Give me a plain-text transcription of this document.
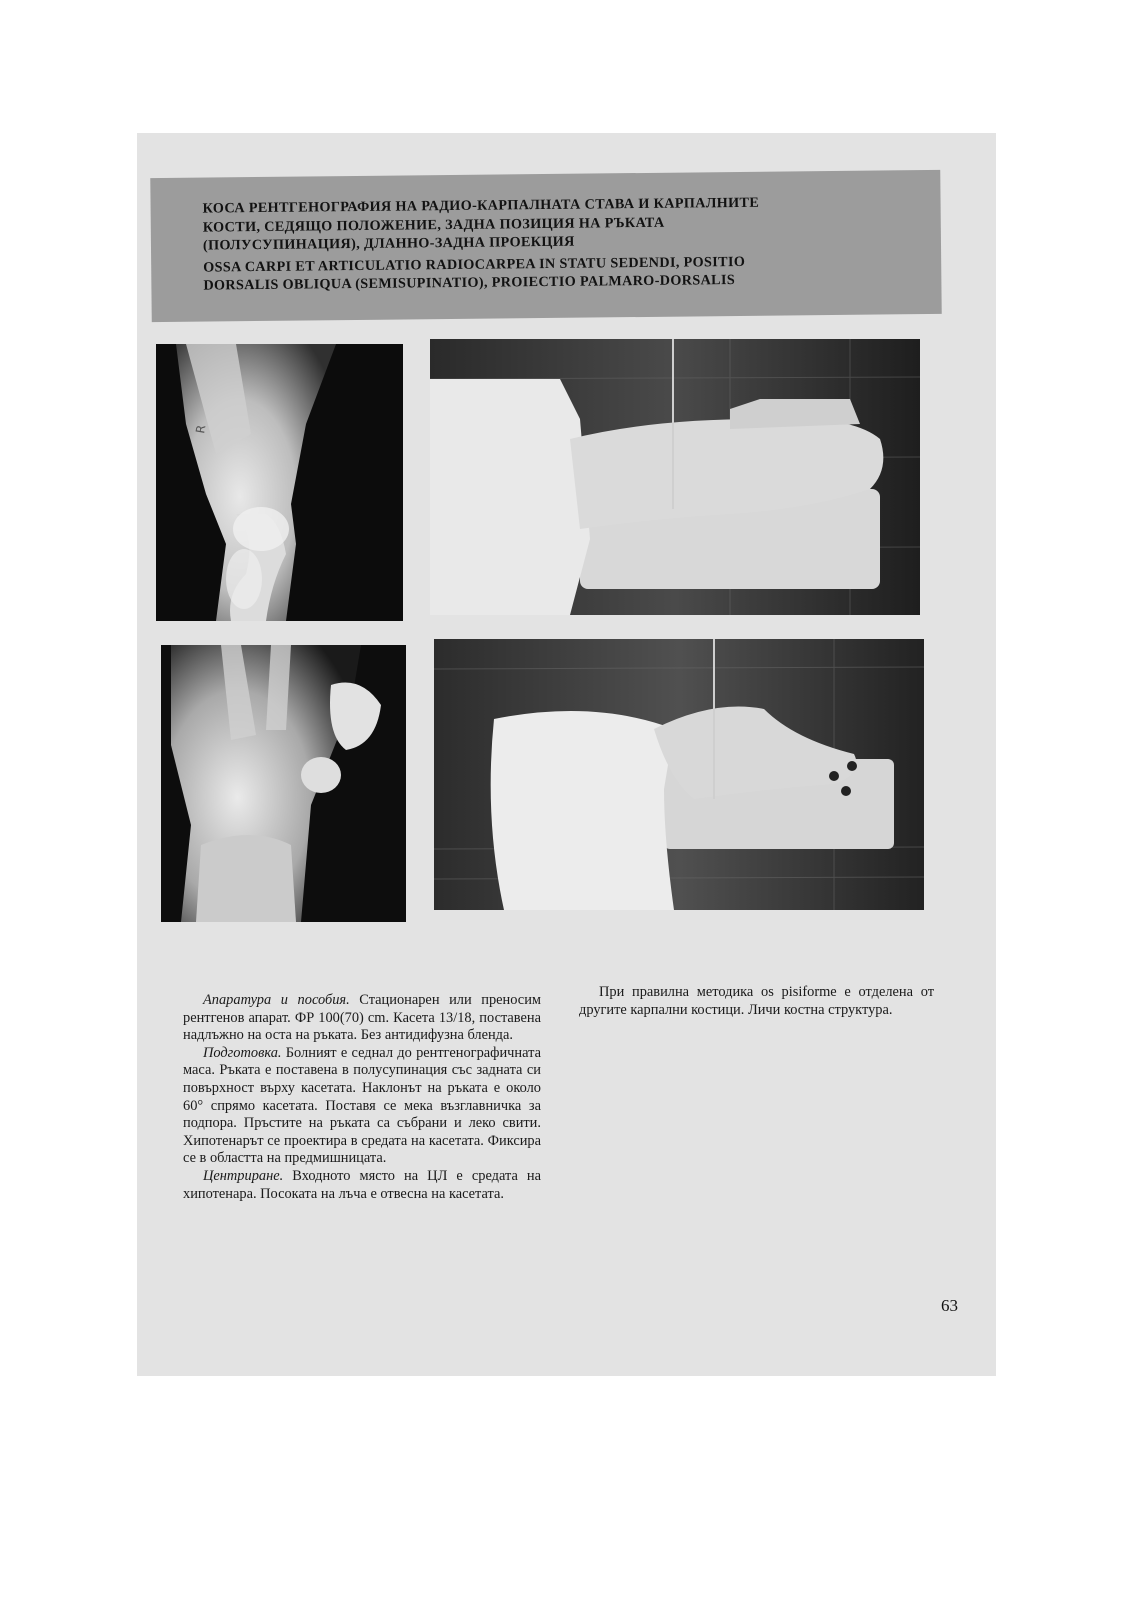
КОСА РЕНТГЕНОГРАФИЯ НА РАДИО-КАРПАЛНАТА СТАВА И КАРПАЛНИТЕ
КОСТИ, СЕДЯЩО ПОЛОЖЕНИЕ, ЗАДНА ПОЗИЦИЯ НА РЪКАТА
(ПОЛУСУПИНАЦИЯ), ДЛАННО-ЗАДНА ПРОЕКЦИЯ
OSSA CARPI ET ARTICULATIO RADIOCARPEA IN STATU SEDENDI, POSITIO
DORSALIS OBLIQUA (SEMISUPINATIO), PROIECTIO PALMARO-DORSALIS
R

Апаратура и пособия. Стационарен или преносим рентгенов апарат. ФР 100(70) cm. Касета 13/18, поставена надлъжно на оста на ръката. Без антидифузна бленда.

Подготовка. Болният е седнал до рентгенографичната маса. Ръката е поставена в полусупинация със задната си повърхност върху касетата. Наклонът на ръката е около 60° спрямо касетата. Поставя се мека възглавничка за подпора. Пръстите на ръката са събрани и леко свити. Хипотенарът се проектира в средата на касетата. Фиксира се в областта на предмишницата.

Центриране. Входното място на ЦЛ е средата на хипотенара. Посоката на лъча е отвесна на касетата.

При правилна методика os pisiforme е отделена от другите карпални костици. Личи костна структура.

63
